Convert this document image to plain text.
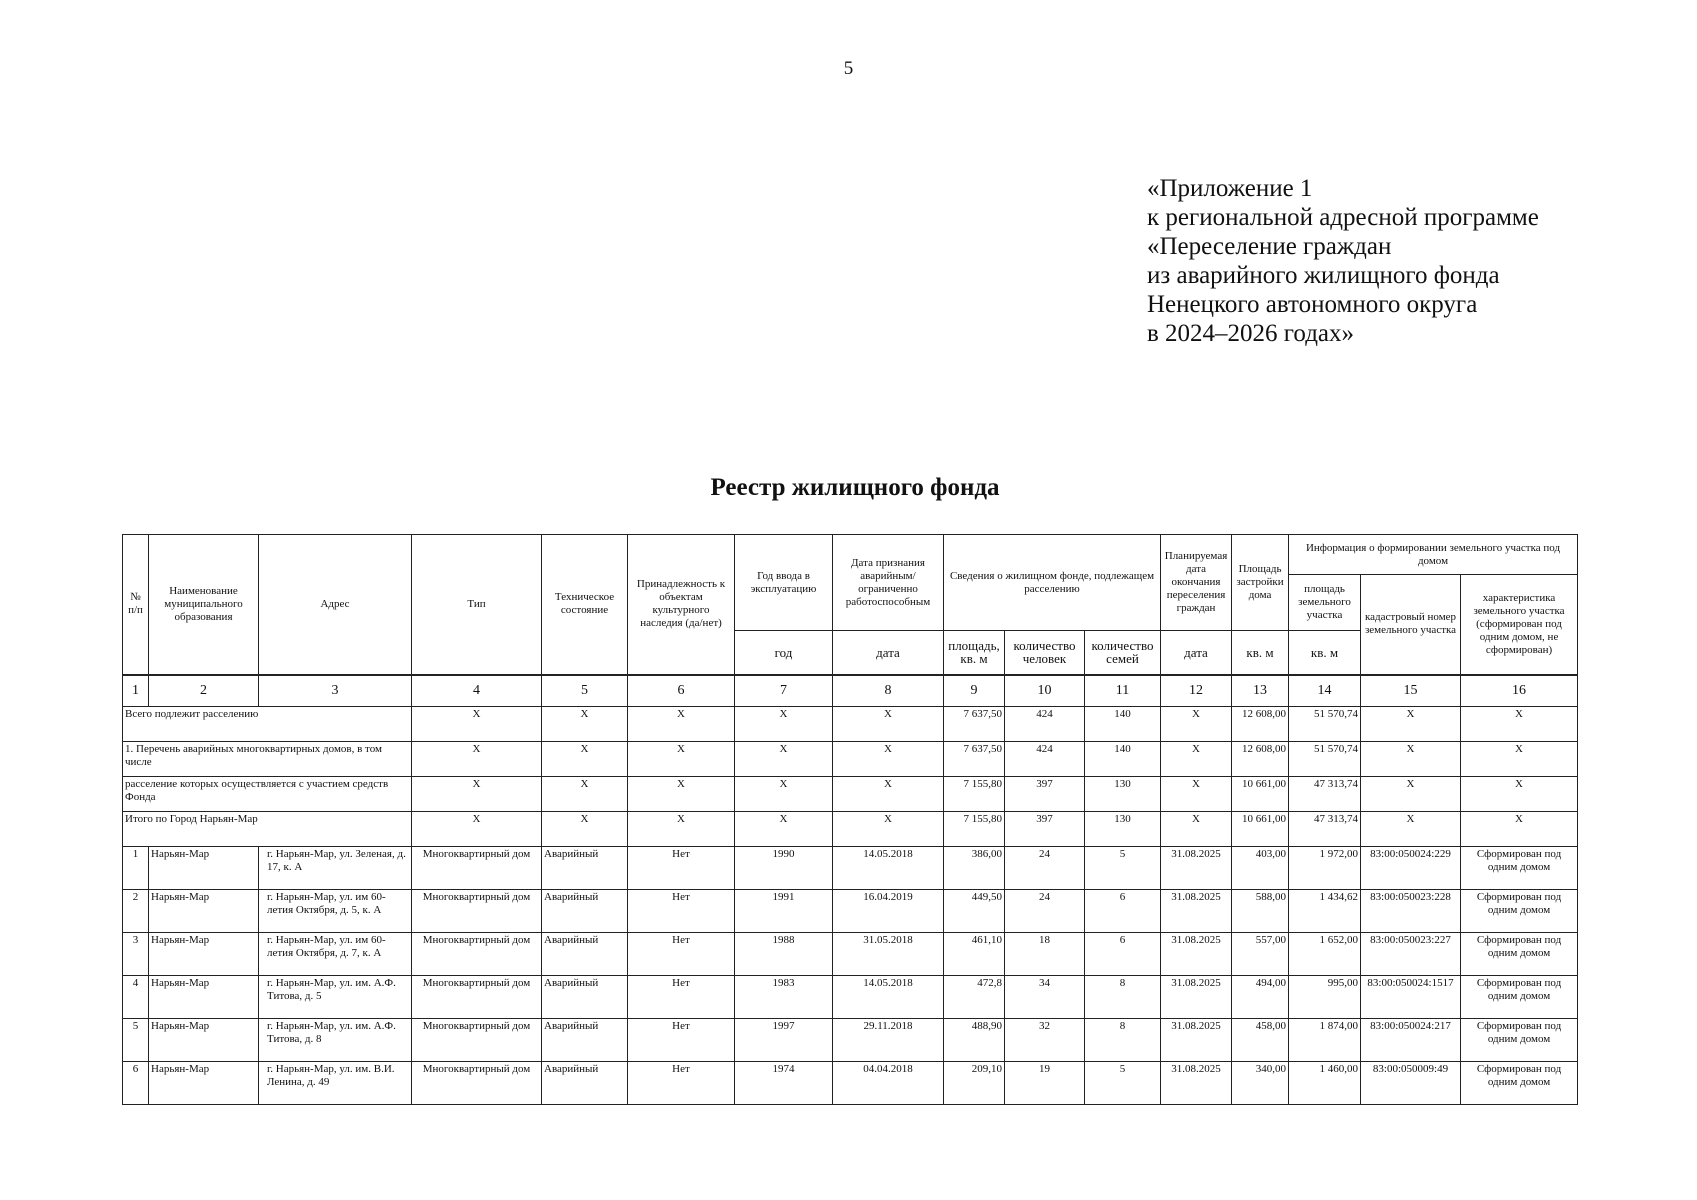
5
«Приложение 1
к региональной адресной программе
«Переселение граждан
из аварийного жилищного фонда
Ненецкого автономного округа
в 2024–2026 годах»
Реестр жилищного фонда
№ п/п	Наименование муниципального образования	Адрес	Тип	Техническое состояние	Принадлежность к объектам культурного наследия (да/нет)	Год ввода в эксплуатацию	Дата признания аварийным/ ограниченно работоспособным	Сведения о жилищном фонде, подлежащем расселению			Планируемая дата окончания переселения граждан	Площадь застройки дома	Информация о формировании земельного участка под домом		
													площадь земельного участка	кадастровый номер земельного участка	характеристика земельного участка (сформирован под одним домом, не сформирован)
						год	дата	площадь, кв. м	количество человек	количество семей	дата	кв. м	кв. м		
1	2	3	4	5	6	7	8	9	10	11	12	13	14	15	16
Всего подлежит расселению			X	X	X	X	X	7 637,50	424	140	X	12 608,00	51 570,74	X	X
1. Перечень аварийных многоквартирных домов, в том числе			X	X	X	X	X	7 637,50	424	140	X	12 608,00	51 570,74	X	X
расселение которых осуществляется с участием средств Фонда			X	X	X	X	X	7 155,80	397	130	X	10 661,00	47 313,74	X	X
Итого по Город Нарьян-Мар			X	X	X	X	X	7 155,80	397	130	X	10 661,00	47 313,74	X	X
1	Нарьян-Мар	г. Нарьян-Мар, ул. Зеленая, д. 17, к. А	Многоквартирный дом	Аварийный	Нет	1990	14.05.2018	386,00	24	5	31.08.2025	403,00	1 972,00	83:00:050024:229	Сформирован под одним домом
2	Нарьян-Мар	г. Нарьян-Мар, ул. им 60-летия Октября, д. 5, к. А	Многоквартирный дом	Аварийный	Нет	1991	16.04.2019	449,50	24	6	31.08.2025	588,00	1 434,62	83:00:050023:228	Сформирован под одним домом
3	Нарьян-Мар	г. Нарьян-Мар, ул. им 60-летия Октября, д. 7, к. А	Многоквартирный дом	Аварийный	Нет	1988	31.05.2018	461,10	18	6	31.08.2025	557,00	1 652,00	83:00:050023:227	Сформирован под одним домом
4	Нарьян-Мар	г. Нарьян-Мар, ул. им. А.Ф. Титова, д. 5	Многоквартирный дом	Аварийный	Нет	1983	14.05.2018	472,8	34	8	31.08.2025	494,00	995,00	83:00:050024:1517	Сформирован под одним домом
5	Нарьян-Мар	г. Нарьян-Мар, ул. им. А.Ф. Титова, д. 8	Многоквартирный дом	Аварийный	Нет	1997	29.11.2018	488,90	32	8	31.08.2025	458,00	1 874,00	83:00:050024:217	Сформирован под одним домом
6	Нарьян-Мар	г. Нарьян-Мар, ул. им. В.И. Ленина, д. 49	Многоквартирный дом	Аварийный	Нет	1974	04.04.2018	209,10	19	5	31.08.2025	340,00	1 460,00	83:00:050009:49	Сформирован под одним домом
